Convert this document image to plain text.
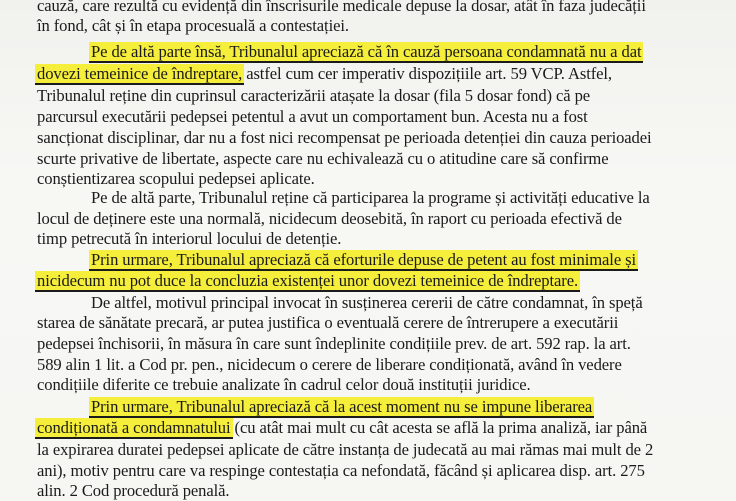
cauză, care rezultă cu evidență din înscrisurile medicale depuse la dosar, atât în faza judecății
în fond, cât și în etapa procesuală a contestației.
Pe de altă parte însă, Tribunalul apreciază că în cauză persoana condamnată nu a dat
dovezi temeinice de îndreptare, astfel cum cer imperativ dispozițiile art. 59 VCP. Astfel,
Tribunalul reține din cuprinsul caracterizării atașate la dosar (fila 5 dosar fond) că pe
parcursul executării pedepsei petentul a avut un comportament bun. Acesta nu a fost
sancționat disciplinar, dar nu a fost nici recompensat pe perioada detenției din cauza perioadei
scurte privative de libertate, aspecte care nu echivalează cu o atitudine care să confirme
conștientizarea scopului pedepsei aplicate.
Pe de altă parte, Tribunalul reține că participarea la programe și activități educative la
locul de deținere este una normală, nicidecum deosebită, în raport cu perioada efectivă de
timp petrecută în interiorul locului de detenție.
Prin urmare, Tribunalul apreciază că eforturile depuse de petent au fost minimale și
nicidecum nu pot duce la concluzia existenței unor dovezi temeinice de îndreptare.
De altfel, motivul principal invocat în susținerea cererii de către condamnat, în speță
starea de sănătate precară, ar putea justifica o eventuală cerere de întrerupere a executării
pedepsei închisorii, în măsura în care sunt îndeplinite condițiile prev. de art. 592 rap. la art.
589 alin 1 lit. a Cod pr. pen., nicidecum o cerere de liberare condiționată, având în vedere
condițiile diferite ce trebuie analizate în cadrul celor două instituții juridice.
Prin urmare, Tribunalul apreciază că la acest moment nu se impune liberarea
condiționată a condamnatului (cu atât mai mult cu cât acesta se află la prima analiză, iar până
la expirarea duratei pedepsei aplicate de către instanța de judecată au mai rămas mai mult de 2
ani), motiv pentru care va respinge contestația ca nefondată, făcând și aplicarea disp. art. 275
alin. 2 Cod procedură penală.
